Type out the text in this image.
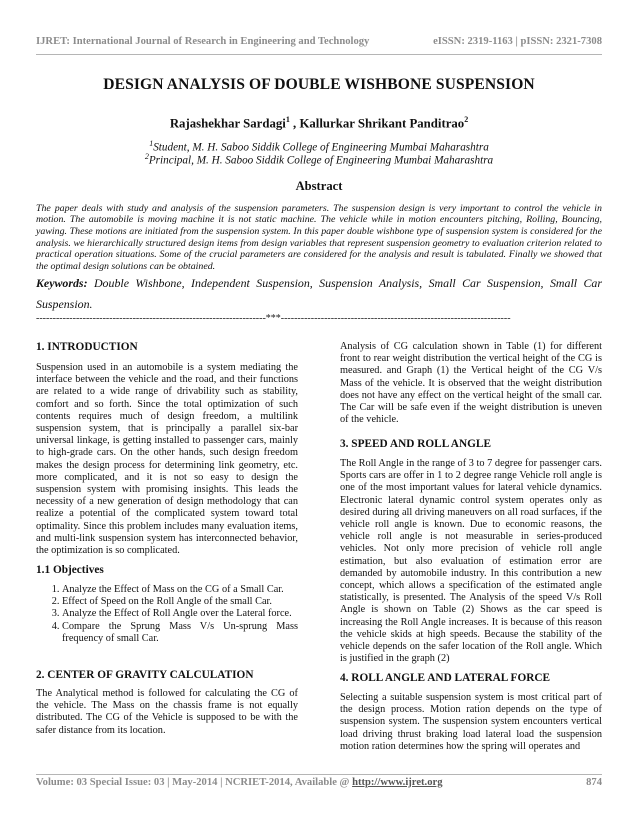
IJRET: International Journal of Research in Engineering and Technology	eISSN: 2319-1163 | pISSN: 2321-7308
DESIGN ANALYSIS OF DOUBLE WISHBONE SUSPENSION
Rajashekhar Sardagi$^1$ , Kallurkar Shrikant Panditrao$^2$
$^1$Student, M. H. Saboo Siddik College of Engineering Mumbai Maharashtra
$^2$Principal, M. H. Saboo Siddik College of Engineering Mumbai Maharashtra
Abstract

The paper deals with study and analysis of the suspension parameters. The suspension design is very important to control the vehicle in motion. The automobile is moving machine it is not static machine. The vehicle while in motion encounters pitching, Rolling, Bouncing, yawing. These motions are initiated from the suspension system. In this paper double wishbone type of suspension system is considered for the analysis. we hierarchically structured design items from design variables that represent suspension geometry to evaluation criterion related to practical operation situations. Some of the crucial parameters are considered for the analysis and result is tabulated. Finally we showed that the optimal design solutions can be obtained.

Keywords: Double Wishbone, Independent Suspension, Suspension Analysis, Small Car Suspension, Small Car Suspension.
---------------------------------------------------------------------***---------------------------------------------------------------------
1. INTRODUCTION

Suspension used in an automobile is a system mediating the interface between the vehicle and the road, and their functions are related to a wide range of drivability such as stability, comfort and so forth. Since the total optimization of such contents requires much of design freedom, a multilink suspension system, that is principally a parallel six-bar universal linkage, is getting installed to passenger cars, mainly to high-grade cars. On the other hands, such design freedom makes the design process for determining link geometry, etc. more complicated, and it is not so easy to design the suspension system with promising insights. This leads the necessity of a new generation of design methodology that can realize a potential of the complicated system toward total optimality. Since this problem includes many evaluation items, and multi-link suspension system has interconnected behavior, the optimization is so complicated.

1.1 Objectives
1. Analyze the Effect of Mass on the CG of a Small Car.
2. Effect of Speed on the Roll Angle of the small Car.
3. Analyze the Effect of Roll Angle over the Lateral force.
4. Compare the Sprung Mass V/s Un-sprung Mass frequency of small Car.
2. CENTER OF GRAVITY CALCULATION

The Analytical method is followed for calculating the CG of the vehicle. The Mass on the chassis frame is not equally distributed. The CG of the Vehicle is supposed to be with the safer distance from its location.

Analysis of CG calculation shown in Table (1) for different front to rear weight distribution the vertical height of the CG is measured. and Graph (1) the Vertical height of the CG V/s Mass of the vehicle. It is observed that the weight distribution does not have any effect on the vertical height of the small car. The Car will be safe even if the weight distribution is uneven of the vehicle.

3. SPEED AND ROLL ANGLE

The Roll Angle in the range of 3 to 7 degree for passenger cars. Sports cars are offer in 1 to 2 degree range Vehicle roll angle is one of the most important values for lateral vehicle dynamics. Electronic lateral dynamic control system operates only as desired during all driving maneuvers on all road surfaces, if the vehicle roll angle is known. Due to economic reasons, the vehicle roll angle is not measurable in series-produced vehicles. Not only more precision of vehicle roll angle estimation, but also evaluation of estimation error are demanded by automobile industry. In this contribution a new concept, which allows a specification of the estimated angle statistically, is presented. The Analysis of the speed V/s Roll Angle is shown on Table (2) Shows as the car speed is increasing the Roll Angle increases. It is because of this reason the vehicle skids at high speeds. Because the stability of the vehicle depends on the safer location of the Roll angle. Which is justified in the graph (2)

4. ROLL ANGLE AND LATERAL FORCE

Selecting a suitable suspension system is most critical part of the design process. Motion ration depends on the type of suspension system. The suspension system encounters vertical load driving thrust braking load lateral load the suspension motion ration determines how the spring will operates and

Volume: 03 Special Issue: 03 | May-2014 | NCRIET-2014, Available @ http://www.ijret.org	874
